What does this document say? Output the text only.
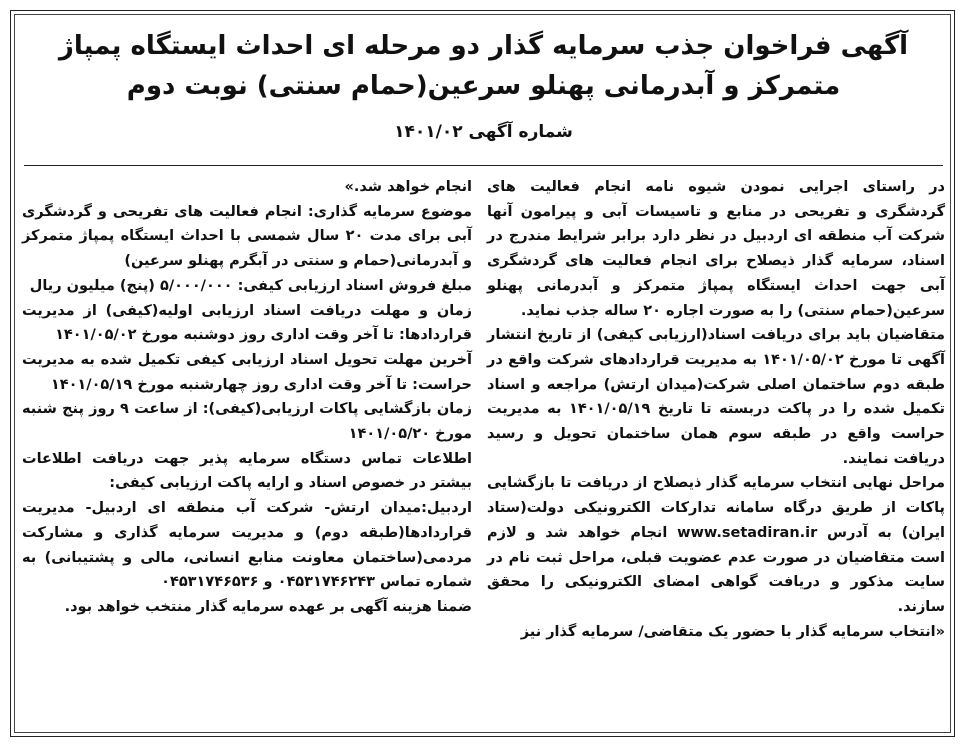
آگهی فراخوان جذب سرمایه گذار دو مرحله ای احداث ایستگاه پمپاژ متمرکز و آبدرمانی پهنلو سرعین(حمام سنتی) نوبت دوم
شماره آگهی ۱۴۰۱/۰۲

در راستای اجرایی نمودن شیوه نامه انجام فعالیت های گردشگری و تفریحی در منابع و تاسیسات آبی و پیرامون آنها شرکت آب منطقه ای اردبیل در نظر دارد برابر شرایط مندرج در اسناد، سرمایه گذار ذیصلاح برای انجام فعالیت های گردشگری آبی جهت احداث ایستگاه پمپاژ متمرکز و آبدرمانی پهنلو سرعین(حمام سنتی) را به صورت اجاره ۲۰ ساله جذب نماید.

متقاضیان باید برای دریافت اسناد(ارزیابی کیفی) از تاریخ انتشار آگهی تا مورخ ۱۴۰۱/۰۵/۰۲ به مدیریت قراردادهای شرکت واقع در طبقه دوم ساختمان اصلی شرکت(میدان ارتش) مراجعه و اسناد تکمیل شده را در پاکت دربسته تا تاریخ ۱۴۰۱/۰۵/۱۹ به مدیریت حراست واقع در طبقه سوم همان ساختمان تحویل و رسید دریافت نمایند.

مراحل نهایی انتخاب سرمایه گذار ذیصلاح از دریافت تا بازگشایی پاکات از طریق درگاه سامانه تدارکات الکترونیکی دولت(ستاد ایران) به آدرس www.setadiran.ir انجام خواهد شد و لازم است متقاضیان در صورت عدم عضویت قبلی، مراحل ثبت نام در سایت مذکور و دریافت گواهی امضای الکترونیکی را محقق سازند.

«انتخاب سرمایه گذار با حضور یک متقاضی/ سرمایه گذار نیز

انجام خواهد شد.»

موضوع سرمایه گذاری: انجام فعالیت های تفریحی و گردشگری آبی برای مدت ۲۰ سال شمسی با احداث ایستگاه پمپاژ متمرکز و آبدرمانی(حمام و سنتی در آبگرم پهنلو سرعین)

مبلغ فروش اسناد ارزیابی کیفی: ۵/۰۰۰/۰۰۰ (پنج) میلیون ریال

زمان و مهلت دریافت اسناد ارزیابی اولیه(کیفی) از مدیریت قراردادها: تا آخر وقت اداری روز دوشنبه مورخ ۱۴۰۱/۰۵/۰۲

آخرین مهلت تحویل اسناد ارزیابی کیفی تکمیل شده به مدیریت حراست: تا آخر وقت اداری روز چهارشنبه مورخ ۱۴۰۱/۰۵/۱۹

زمان بازگشایی پاکات ارزیابی(کیفی): از ساعت ۹ روز پنج شنبه مورخ ۱۴۰۱/۰۵/۲۰

اطلاعات تماس دستگاه سرمایه پذیر جهت دریافت اطلاعات بیشتر در خصوص اسناد و ارایه پاکت ارزیابی کیفی:

اردبیل:میدان ارتش- شرکت آب منطقه ای اردبیل- مدیریت قراردادها(طبقه دوم) و مدیریت سرمایه گذاری و مشارکت مردمی(ساختمان معاونت منابع انسانی، مالی و پشتیبانی) به شماره تماس ۰۴۵۳۱۷۴۶۲۴۳ و ۰۴۵۳۱۷۴۶۵۳۶

ضمنا هزینه آگهی بر عهده سرمایه گذار منتخب خواهد بود.
